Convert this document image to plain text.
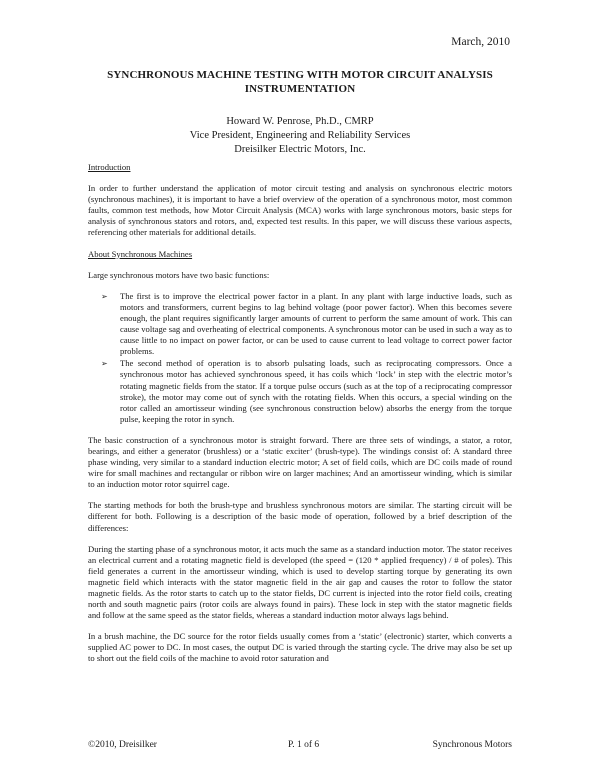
March, 2010
SYNCHRONOUS MACHINE TESTING WITH MOTOR CIRCUIT ANALYSIS
INSTRUMENTATION
Howard W. Penrose, Ph.D., CMRP
Vice President, Engineering and Reliability Services
Dreisilker Electric Motors, Inc.
Introduction

In order to further understand the application of motor circuit testing and analysis on synchronous electric motors (synchronous machines), it is important to have a brief overview of the operation of a synchronous motor, most common faults, common test methods, how Motor Circuit Analysis (MCA) works with large synchronous motors, basic steps for analysis of synchronous stators and rotors, and, expected test results. In this paper, we will discuss these various aspects, referencing other materials for additional details.

About Synchronous Machines

Large synchronous motors have two basic functions:

➢ The first is to improve the electrical power factor in a plant. In any plant with large inductive loads, such as motors and transformers, current begins to lag behind voltage (poor power factor). When this becomes severe enough, the plant requires significantly larger amounts of current to perform the same amount of work. This can cause voltage sag and overheating of electrical components. A synchronous motor can be used in such a way as to cause little to no impact on power factor, or can be used to cause current to lead voltage to correct power factor problems.
➢ The second method of operation is to absorb pulsating loads, such as reciprocating compressors. Once a synchronous motor has achieved synchronous speed, it has coils which ‘lock’ in step with the electric motor’s rotating magnetic fields from the stator. If a torque pulse occurs (such as at the top of a reciprocating compressor stroke), the motor may come out of synch with the rotating fields. When this occurs, a special winding on the rotor called an amortisseur winding (see synchronous construction below) absorbs the energy from the torque pulse, keeping the rotor in synch.

The basic construction of a synchronous motor is straight forward. There are three sets of windings, a stator, a rotor, bearings, and either a generator (brushless) or a ‘static exciter’ (brush-type). The windings consist of: A standard three phase winding, very similar to a standard induction electric motor; A set of field coils, which are DC coils made of round wire for small machines and rectangular or ribbon wire on larger machines; And an amortisseur winding, which is similar to an induction motor rotor squirrel cage.

The starting methods for both the brush-type and brushless synchronous motors are similar. The starting circuit will be different for both. Following is a description of the basic mode of operation, followed by a brief description of the differences:

During the starting phase of a synchronous motor, it acts much the same as a standard induction motor. The stator receives an electrical current and a rotating magnetic field is developed (the speed = (120 * applied frequency) / # of poles). This field generates a current in the amortisseur winding, which is used to develop starting torque by generating its own magnetic field which interacts with the stator magnetic field in the air gap and causes the rotor to follow the stator magnetic fields. As the rotor starts to catch up to the stator fields, DC current is injected into the rotor field coils, creating north and south magnetic pairs (rotor coils are always found in pairs). These lock in step with the stator magnetic fields and follow at the same speed as the stator fields, whereas a standard induction motor always lags behind.

In a brush machine, the DC source for the rotor fields usually comes from a ‘static’ (electronic) starter, which converts a supplied AC power to DC. In most cases, the output DC is varied through the starting cycle. The drive may also be set up to short out the field coils of the machine to avoid rotor saturation and

©2010, Dreisilker	P. 1 of 6	Synchronous Motors
